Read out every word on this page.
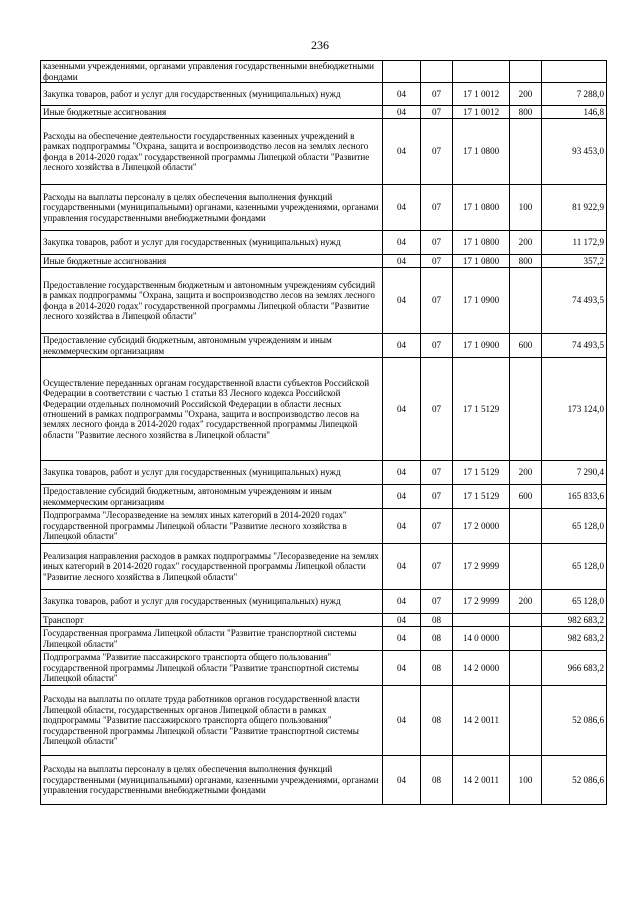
236
казенными учреждениями, органами управления государственными внебюджетными фондами					
Закупка товаров, работ и услуг для государственных (муниципальных) нужд	04	07	17 1 0012	200	7 288,0
Иные бюджетные ассигнования	04	07	17 1 0012	800	146,8
Расходы на обеспечение деятельности государственных казенных учреждений в рамках подпрограммы "Охрана, защита и воспроизводство лесов на землях лесного фонда в 2014-2020 годах" государственной программы Липецкой области "Развитие лесного хозяйства в Липецкой области"	04	07	17 1 0800		93 453,0
Расходы на выплаты персоналу в целях обеспечения выполнения функций государственными (муниципальными) органами, казенными учреждениями, органами управления государственными внебюджетными фондами	04	07	17 1 0800	100	81 922,9
Закупка товаров, работ и услуг для государственных (муниципальных) нужд	04	07	17 1 0800	200	11 172,9
Иные бюджетные ассигнования	04	07	17 1 0800	800	357,2
Предоставление государственным бюджетным и автономным учреждениям субсидий в рамках подпрограммы "Охрана, защита и воспроизводство лесов на землях лесного фонда в 2014-2020 годах" государственной программы Липецкой области "Развитие лесного хозяйства в Липецкой области"	04	07	17 1 0900		74 493,5
Предоставление субсидий бюджетным, автономным учреждениям и иным некоммерческим организациям	04	07	17 1 0900	600	74 493,5
Осуществление переданных органам государственной власти субъектов Российской Федерации в соответствии с частью 1 статьи 83 Лесного кодекса Российской Федерации отдельных полномочий Российской Федерации в области лесных отношений в рамках подпрограммы "Охрана, защита и воспроизводство лесов на землях лесного фонда в 2014-2020 годах" государственной программы Липецкой области "Развитие лесного хозяйства в Липецкой области"	04	07	17 1 5129		173 124,0
Закупка товаров, работ и услуг для государственных (муниципальных) нужд	04	07	17 1 5129	200	7 290,4
Предоставление субсидий бюджетным, автономным учреждениям и иным некоммерческим организациям	04	07	17 1 5129	600	165 833,6
Подпрограмма "Лесоразведение на землях иных категорий в 2014-2020 годах" государственной программы Липецкой области "Развитие лесного хозяйства в Липецкой области"	04	07	17 2 0000		65 128,0
Реализация направления расходов в рамках подпрограммы "Лесоразведение на землях иных категорий в 2014-2020 годах" государственной программы Липецкой области "Развитие лесного хозяйства в Липецкой области"	04	07	17 2 9999		65 128,0
Закупка товаров, работ и услуг для государственных (муниципальных) нужд	04	07	17 2 9999	200	65 128,0
Транспорт	04	08			982 683,2
Государственная программа Липецкой области "Развитие транспортной системы Липецкой области"	04	08	14 0 0000		982 683,2
Подпрограмма "Развитие пассажирского транспорта общего пользования" государственной программы Липецкой области "Развитие транспортной системы Липецкой области"	04	08	14 2 0000		966 683,2
Расходы на выплаты по оплате труда работников органов государственной власти Липецкой области, государственных органов Липецкой области в рамках подпрограммы "Развитие пассажирского транспорта общего пользования" государственной программы Липецкой области "Развитие транспортной системы Липецкой области"	04	08	14 2 0011		52 086,6
Расходы на выплаты персоналу в целях обеспечения выполнения функций государственными (муниципальными) органами, казенными учреждениями, органами управления государственными внебюджетными фондами	04	08	14 2 0011	100	52 086,6
